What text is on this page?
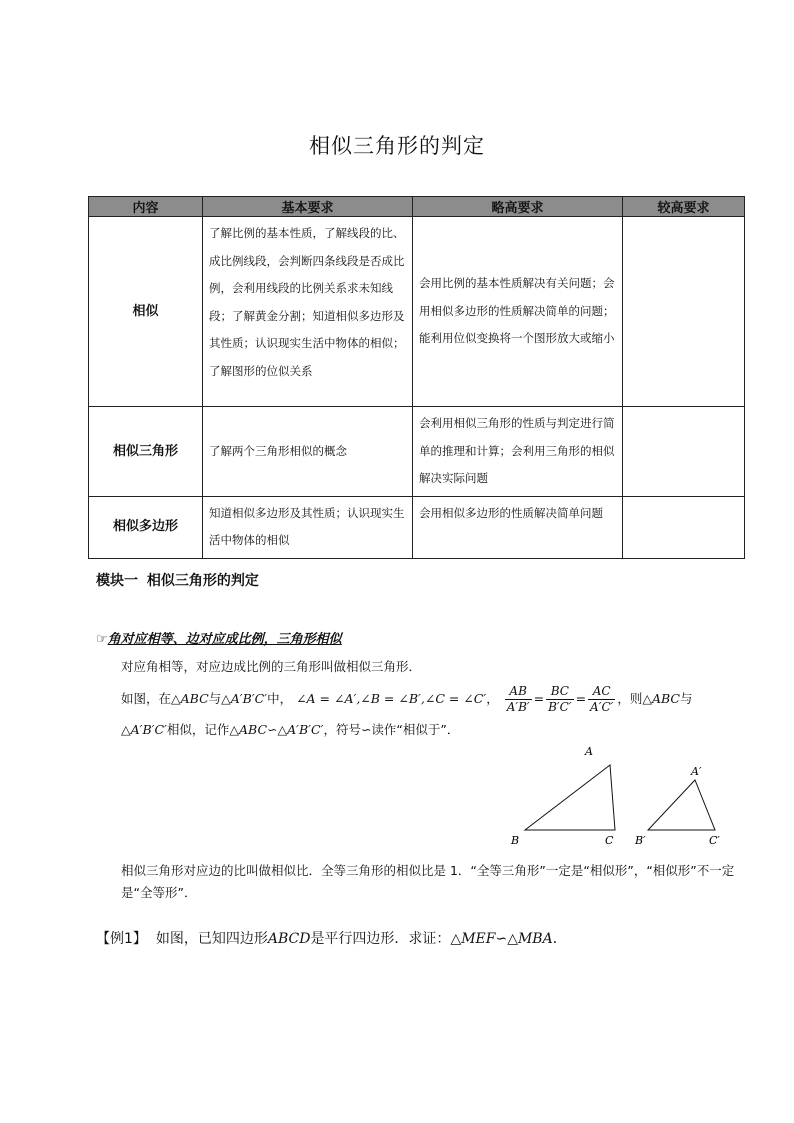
相似三角形的判定
内容	基本要求	略高要求	较高要求
相似	了解比例的基本性质，了解线段的比、成比例线段，会判断四条线段是否成比例，会利用线段的比例关系求未知线段；了解黄金分割；知道相似多边形及其性质；认识现实生活中物体的相似；了解图形的位似关系	会用比例的基本性质解决有关问题；会用相似多边形的性质解决简单的问题；能利用位似变换将一个图形放大或缩小	
相似三角形	了解两个三角形相似的概念	会利用相似三角形的性质与判定进行简单的推理和计算；会利用三角形的相似解决实际问题	
相似多边形	知道相似多边形及其性质；认识现实生活中物体的相似	会用相似多边形的性质解决简单问题	
模块一 相似三角形的判定
☞角对应相等、边对应成比例，三角形相似
对应角相等，对应边成比例的三角形叫做相似三角形．
如图，在△ABC与△A′B′C′中， ∠A = ∠A′,∠B = ∠B′,∠C = ∠C′， $\frac{AB}{A'B'} = \frac{BC}{B'C'} = \frac{AC}{A'C'}$ ，则△ABC与
△A′B′C′相似，记作△ABC∽△A′B′C′，符号∽读作“相似于”．
A
B	C
A′
B′	C′
相似三角形对应边的比叫做相似比．全等三角形的相似比是 1．“全等三角形”一定是“相似形”，“相似形”不一定是“全等形”．
【例1】 如图，已知四边形ABCD是平行四边形．求证：△MEF∽△MBA．
